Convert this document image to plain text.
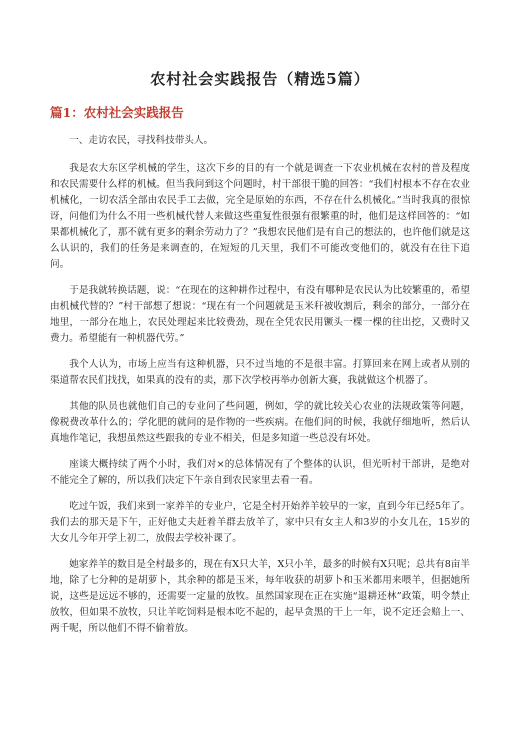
农村社会实践报告（精选5篇）
篇1：农村社会实践报告

一、走访农民，寻找科技带头人。

我是农大东区学机械的学生，这次下乡的目的有一个就是调查一下农业机械在农村的普及程度和农民需要什么样的机械。但当我问到这个问题时，村干部很干脆的回答：“我们村根本不存在农业机械化，一切农活全部由农民手工去做，完全是原始的东西，不存在什么机械化。”当时我真的很惊讶，问他们为什么不用一些机械代替人来做这些重复性很强有很繁重的时，他们是这样回答的：“如果都机械化了，那不就有更多的剩余劳动力了？”我想农民他们是有自己的想法的，也许他们就是这么认识的，我们的任务是来调查的，在短短的几天里，我们不可能改变他们的，就没有在往下追问。

于是我就转换话题，说：“在现在的这种耕作过程中，有没有哪种是农民认为比较繁重的，希望由机械代替的？”村干部想了想说：“现在有一个问题就是玉米秆被收割后，剩余的部分，一部分在地里，一部分在地上，农民处理起来比较费劲，现在全凭农民用镢头一棵一棵的往出挖，又费时又费力。希望能有一种机器代劳。”

我个人认为，市场上应当有这种机器，只不过当地的不是很丰富。打算回来在网上或者从别的渠道帮农民们找找，如果真的没有的卖，那下次学校再举办创新大赛，我就做这个机器了。

其他的队员也就他们自己的专业问了些问题，例如，学的就比较关心农业的法规政策等问题，像税费改革什么的；学化肥的就问的是作物的一些疾病。在他们问的时候，我就仔细地听，然后认真地作笔记，我想虽然这些跟我的专业不相关，但是多知道一些总没有坏处。

座谈大概持续了两个小时，我们对×的总体情况有了个整体的认识，但光听村干部讲，是绝对不能完全了解的，所以我们决定下午亲自到农民家里去看一看。

吃过午饭，我们来到一家养羊的专业户，它是全村开始养羊较早的一家，直到今年已经5年了。我们去的那天是下午，正好他丈夫赶着羊群去放羊了，家中只有女主人和3岁的小女儿在，15岁的大女儿今年开学上初二，放假去学校补课了。

她家养羊的数目是全村最多的，现在有X只大羊，X只小羊，最多的时候有X只呢；总共有8亩半地，除了七分种的是胡萝卜，其余种的都是玉米，每年收获的胡萝卜和玉米都用来喂羊，但据她所说，这些是远远不够的，还需要一定量的放牧。虽然国家现在正在实施“退耕还林”政策，明令禁止放牧，但如果不放牧，只让羊吃饲料是根本吃不起的，起早贪黑的干上一年，说不定还会赔上一、两千呢，所以他们不得不偷着放。
